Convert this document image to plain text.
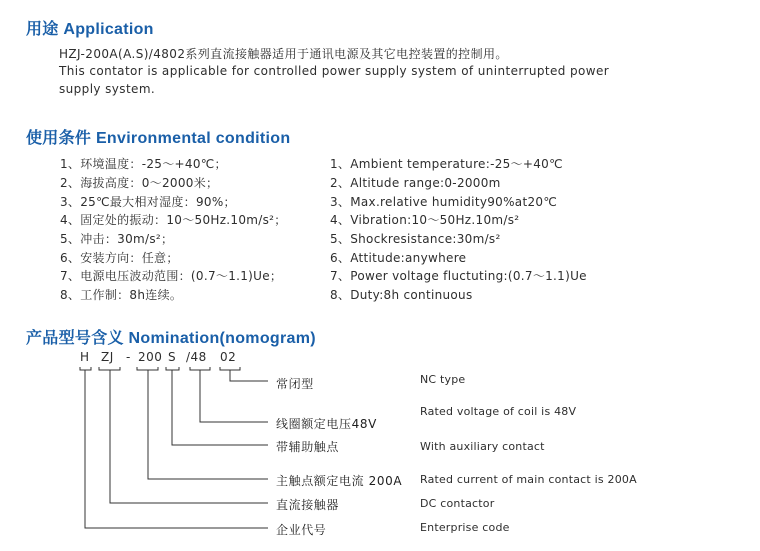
用途 Application
HZJ-200A(A.S)/4802系列直流接触器适用于通讯电源及其它电控装置的控制用。
This contator is applicable for controlled power supply system of uninterrupted power
supply system.
使用条件 Environmental condition
1、环境温度：-25～+40℃；
2、海拔高度：0～2000米；
3、25℃最大相对湿度：90%；
4、固定处的振动：10～50Hz.10m/s²；
5、冲击：30m/s²；
6、安装方向：任意；
7、电源电压波动范围：(0.7～1.1)Ue；
8、工作制：8h连续。
1、Ambient temperature:-25～+40℃
2、Altitude range:0-2000m
3、Max.relative humidity90%at20℃
4、Vibration:10～50Hz.10m/s²
5、Shockresistance:30m/s²
6、Attitude:anywhere
7、Power voltage fluctuting:(0.7～1.1)Ue
8、Duty:8h continuous
产品型号含义 Nomination(nomogram)
H ZJ - 200 S /48 02
常闭型
线圈额定电压48V
带辅助触点
主触点额定电流 200A
直流接触器
企业代号
NC type
Rated voltage of coil is 48V
With auxiliary contact
Rated current of main contact is 200A
DC contactor
Enterprise code
